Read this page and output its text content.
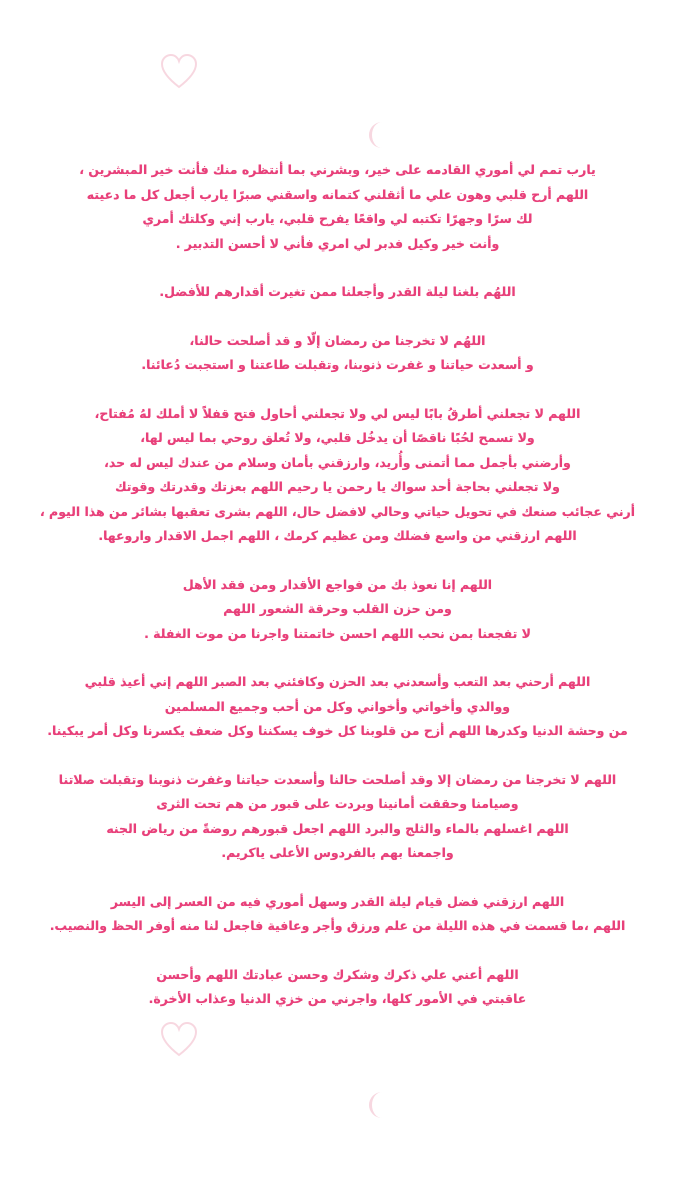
يارب تمم لي أموري القادمه على خير، وبشرني بما أنتظره منك فأنت خير المبشرين ،
اللهم أرح قلبي وهون علي ما أثقلني كتمانه واسقني صبرًا يارب أجعل كل ما دعيته
لك سرًا وجهرًا تكتبه لي واقعًا يفرح قلبي، يارب إني وكلتك أمري
وأنت خير وكيل فدبر لي امري فأني لا أحسن التدبير .
اللهُم بلغنا ليلة القدر وأجعلنا ممن تغيرت أقدارهم للأفضل.
اللهُم لا تخرجنا من رمضان إلّا و قد أصلحت حالنا،
و أسعدت حياتنا و غفرت ذنوبنا، وتقبلت طاعتنا و استجبت دُعائنا.
اللهم لا تجعلني أطرقُ بابًا ليس لي ولا تجعلني أحاول فتح قفلاً لا أملك لهُ مُفتاح،
ولا تسمح لحُبًا ناقصًا أن يدخُل قلبي، ولا تُعلق روحي بما ليس لها،
وأرضني بأجمل مما أتمنى وأُريد، وارزقني بأمان وسلام من عندك ليس له حد،
ولا تجعلني بحاجة أحد سواك يا رحمن يا رحيم اللهم بعزتك وقدرتك وقوتك
أرني عجائب صنعك في تحويل حياتي وحالي لافضل حال، اللهم بشرى تعقبها بشائر من هذا اليوم ،
اللهم ارزقني من واسع فضلك ومن عظيم كرمك ، اللهم اجمل الاقدار واروعها.
اللهم إنا نعوذ بك من فواجع الأقدار ومن فقد الأهل
ومن حزن القلب وحرقة الشعور اللهم
لا تفجعنا بمن نحب اللهم احسن خاتمتنا واجرنا من موت الغفلة .
اللهم أرحني بعد التعب وأسعدني بعد الحزن وكافئني بعد الصبر اللهم إني أعيذ قلبي
ووالدي وأخواتي وأخواني وكل من أحب وجميع المسلمين
من وحشة الدنيا وكدرها اللهم أزح من قلوبنا كل خوف يسكننا وكل ضعف يكسرنا وكل أمر يبكينا.
اللهم لا تخرجنا من رمضان إلا وقد أصلحت حالنا وأسعدت حياتنا وغفرت ذنوبنا وتقبلت صلاتنا
وصيامنا وحققت أمانينا وبردت على قبور من هم تحت الثرى
اللهم اغسلهم بالماء والثلج والبرد اللهم اجعل قبورهم روضةً من رياض الجنه
واجمعنا بهم بالفردوس الأعلى ياكريم.
اللهم ارزقني فضل قيام ليلة القدر وسهل أموري فيه من العسر إلى اليسر
اللهم ،ما قسمت في هذه الليلة من علم ورزق وأجر وعافية فاجعل لنا منه أوفر الحظ والنصيب.
اللهم أعني علي ذكرك وشكرك وحسن عبادتك اللهم وأحسن
عاقبتي في الأمور كلها، واجرني من خزي الدنيا وعذاب الأخرة.
